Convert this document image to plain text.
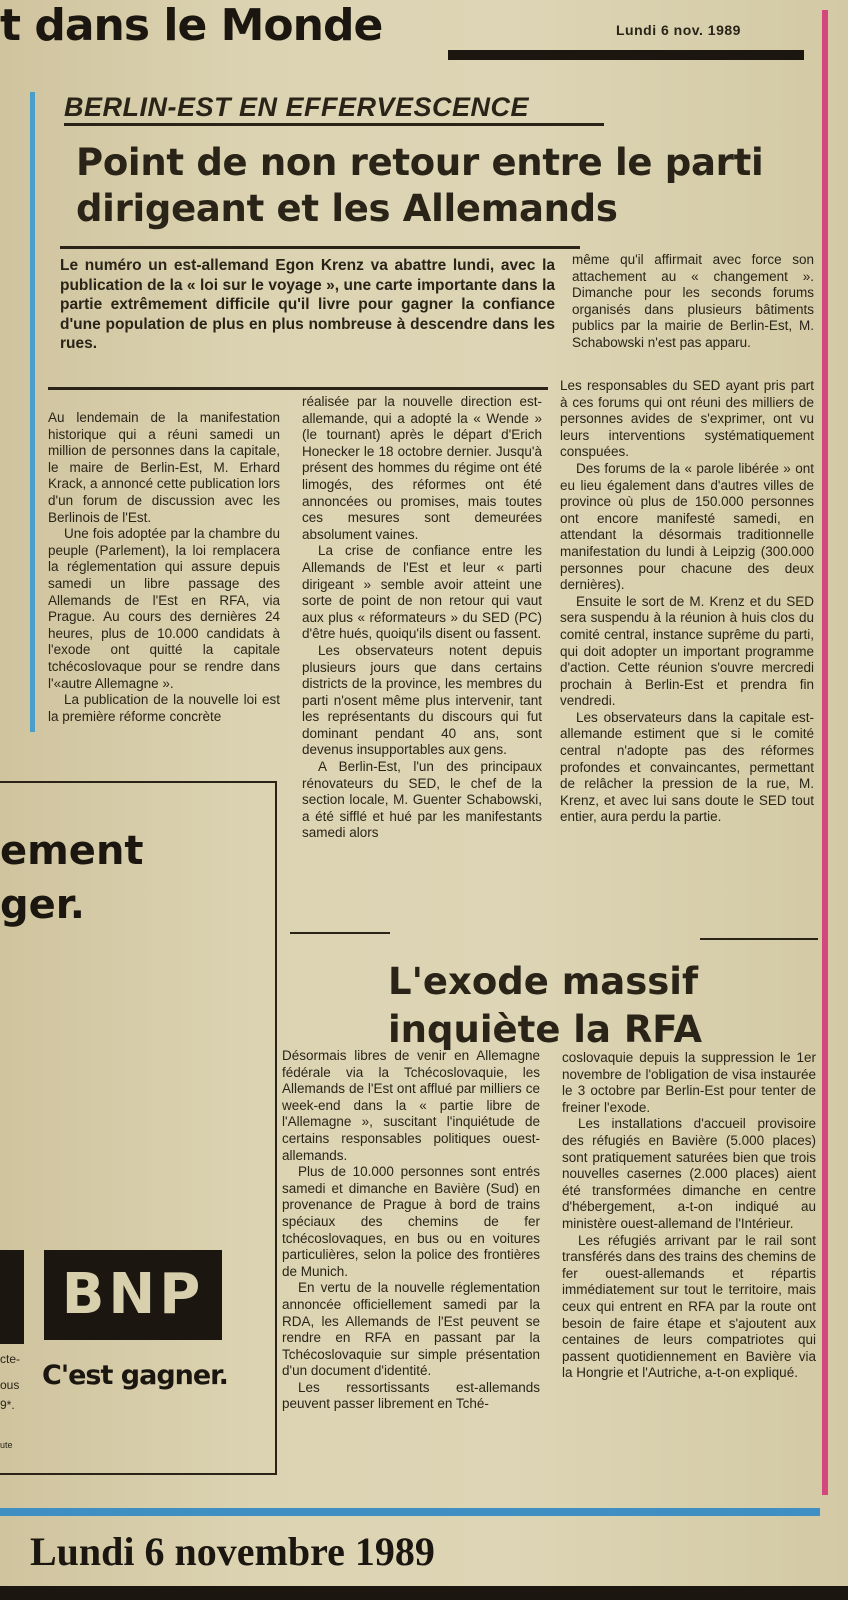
t dans le Monde	Lundi 6 nov. 1989
BERLIN-EST EN EFFERVESCENCE
Point de non retour entre le parti dirigeant et les Allemands

Le numéro un est-allemand Egon Krenz va abattre lundi, avec la publication de la « loi sur le voyage », une carte importante dans la partie extrêmement difficile qu'il livre pour gagner la confiance d'une population de plus en plus nombreuse à descendre dans les rues.

même qu'il affirmait avec force son attachement au « changement ». Dimanche pour les seconds forums organisés dans plusieurs bâtiments publics par la mairie de Berlin-Est, M. Schabowski n'est pas apparu.

Au lendemain de la manifestation historique qui a réuni samedi un million de personnes dans la capitale, le maire de Berlin-Est, M. Erhard Krack, a annoncé cette publication lors d'un forum de discussion avec les Berlinois de l'Est.

Une fois adoptée par la chambre du peuple (Parlement), la loi remplacera la réglementation qui assure depuis samedi un libre passage des Allemands de l'Est en RFA, via Prague. Au cours des dernières 24 heures, plus de 10.000 candidats à l'exode ont quitté la capitale tchécoslovaque pour se rendre dans l'«autre Allemagne ».

La publication de la nouvelle loi est la première réforme concrète

réalisée par la nouvelle direction est-allemande, qui a adopté la « Wende » (le tournant) après le départ d'Erich Honecker le 18 octobre dernier. Jusqu'à présent des hommes du régime ont été limogés, des réformes ont été annoncées ou promises, mais toutes ces mesures sont demeurées absolument vaines.

La crise de confiance entre les Allemands de l'Est et leur « parti dirigeant » semble avoir atteint une sorte de point de non retour qui vaut aux plus « réformateurs » du SED (PC) d'être hués, quoiqu'ils disent ou fassent.

Les observateurs notent depuis plusieurs jours que dans certains districts de la province, les membres du parti n'osent même plus intervenir, tant les représentants du discours qui fut dominant pendant 40 ans, sont devenus insupportables aux gens.

A Berlin-Est, l'un des principaux rénovateurs du SED, le chef de la section locale, M. Guenter Schabowski, a été sifflé et hué par les manifestants samedi alors

Les responsables du SED ayant pris part à ces forums qui ont réuni des milliers de personnes avides de s'exprimer, ont vu leurs interventions systématiquement conspuées.

Des forums de la « parole libérée » ont eu lieu également dans d'autres villes de province où plus de 150.000 personnes ont encore manifesté samedi, en attendant la désormais traditionnelle manifestation du lundi à Leipzig (300.000 personnes pour chacune des deux dernières).

Ensuite le sort de M. Krenz et du SED sera suspendu à la réunion à huis clos du comité central, instance suprême du parti, qui doit adopter un important programme d'action. Cette réunion s'ouvre mercredi prochain à Berlin-Est et prendra fin vendredi.

Les observateurs dans la capitale est-allemande estiment que si le comité central n'adopte pas des réformes profondes et convaincantes, permettant de relâcher la pression de la rue, M. Krenz, et avec lui sans doute le SED tout entier, aura perdu la partie.

ement
ger.
BNP
C'est gagner.
ctе-
ous
9*.
ute
L'exode massif inquiète la RFA

Désormais libres de venir en Allemagne fédérale via la Tchécoslovaquie, les Allemands de l'Est ont afflué par milliers ce week-end dans la « partie libre de l'Allemagne », suscitant l'inquiétude de certains responsables politiques ouest-allemands.

Plus de 10.000 personnes sont entrés samedi et dimanche en Bavière (Sud) en provenance de Prague à bord de trains spéciaux des chemins de fer tchécoslovaques, en bus ou en voitures particulières, selon la police des frontières de Munich.

En vertu de la nouvelle réglementation annoncée officiellement samedi par la RDA, les Allemands de l'Est peuvent se rendre en RFA en passant par la Tchécoslovaquie sur simple présentation d'un document d'identité.

Les ressortissants est-allemands peuvent passer librement en Tché-

coslovaquie depuis la suppression le 1er novembre de l'obligation de visa instaurée le 3 octobre par Berlin-Est pour tenter de freiner l'exode.

Les installations d'accueil provisoire des réfugiés en Bavière (5.000 places) sont pratiquement saturées bien que trois nouvelles casernes (2.000 places) aient été transformées dimanche en centre d'hébergement, a-t-on indiqué au ministère ouest-allemand de l'Intérieur.

Les réfugiés arrivant par le rail sont transférés dans des trains des chemins de fer ouest-allemands et répartis immédiatement sur tout le territoire, mais ceux qui entrent en RFA par la route ont besoin de faire étape et s'ajoutent aux centaines de leurs compatriotes qui passent quotidiennement en Bavière via la Hongrie et l'Autriche, a-t-on expliqué.

Lundi 6 novembre 1989
